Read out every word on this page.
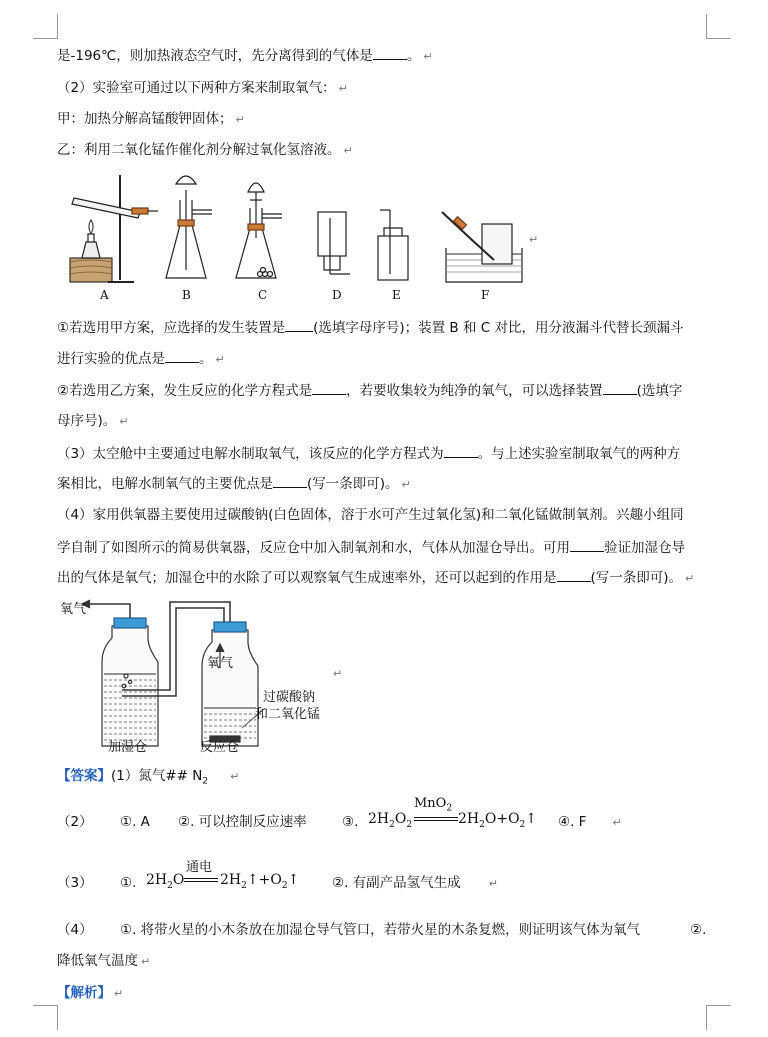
是-196℃，则加热液态空气时，先分离得到的气体是	。 ↵
（2）实验室可通过以下两种方案来制取氧气： ↵
甲：加热分解高锰酸钾固体； ↵
乙：利用二氧化锰作催化剂分解过氧化氢溶液。 ↵
A	B	C	D	E	F
↵
①若选用甲方案，应选择的发生装置是 (选填字母序号)；装置 B 和 C 对比，用分液漏斗代替长颈漏斗
进行实验的优点是	。 ↵
②若选用乙方案，发生反应的化学方程式是	，若要收集较为纯净的氧气，可以选择装置	(选填字
母序号)。 ↵
（3）太空舱中主要通过电解水制取氧气，该反应的化学方程式为	。与上述实验室制取氧气的两种方
案相比，电解水制氧气的主要优点是	(写一条即可)。 ↵
（4）家用供氧器主要使用过碳酸钠(白色固体，溶于水可产生过氧化氢)和二氧化锰做制氧剂。兴趣小组同
学自制了如图所示的简易供氧器，反应仓中加入制氧剂和水，气体从加湿仓导出。可用	验证加湿仓导
出的气体是氧气；加湿仓中的水除了可以观察氧气生成速率外，还可以起到的作用是	(写一条即可)。 ↵
氧气
氧气
过碳酸钠
和二氧化锰
加湿仓	反应仓
↵
【答案】(1）氮气## $N_2$ ↵
（2） ①. A ②. 可以控制反应速率	③.
MnO$_2$
$2H_2O_2$	$2H_2O+O_2↑$ ④. F ↵
（3） ①.
通电
$2H_2O$	$2H_2↑+O_2↑$ ②. 有副产品氢气生成	↵
（4） ①. 将带火星的小木条放在加湿仓导气管口，若带火星的木条复燃，则证明该气体为氧气	②.
降低氧气温度 ↵
【解析】 ↵
